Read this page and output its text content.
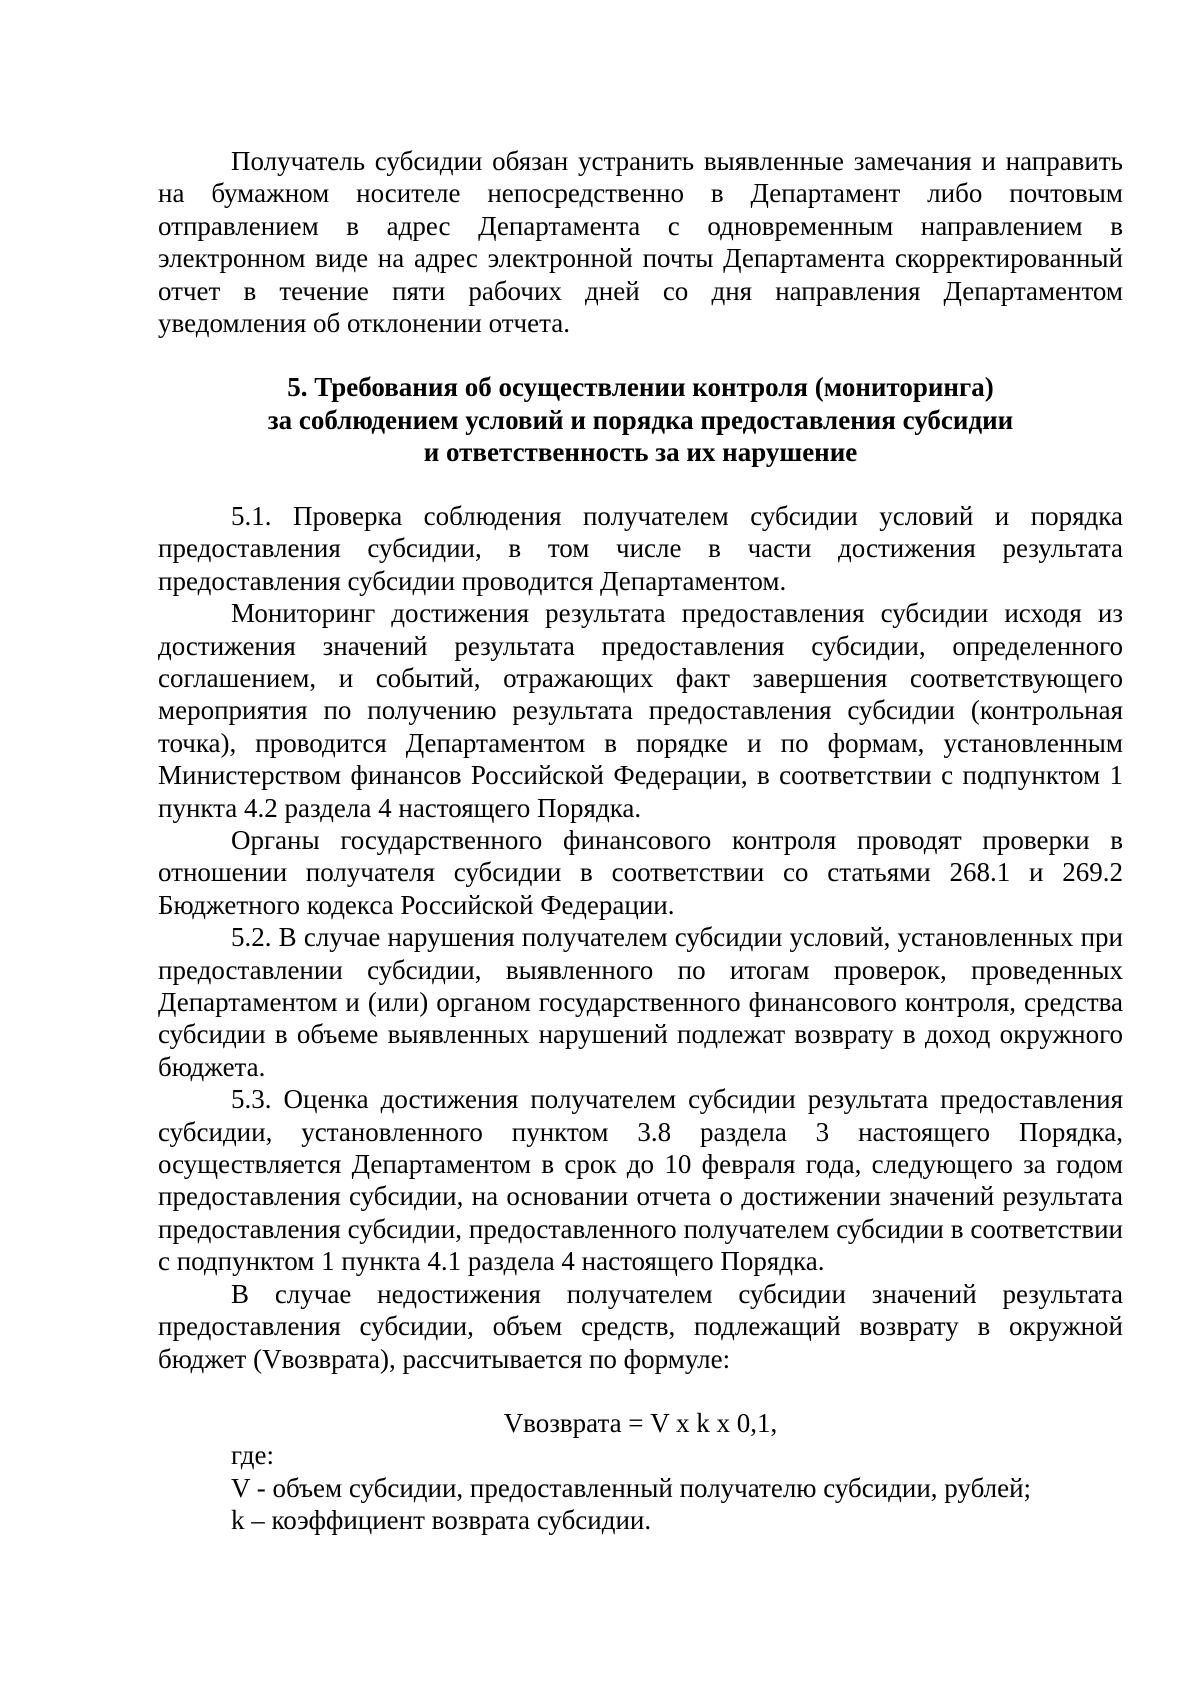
Получатель субсидии обязан устранить выявленные замечания и направить на бумажном носителе непосредственно в Департамент либо почтовым отправлением в адрес Департамента с одновременным направлением в электронном виде на адрес электронной почты Департамента скорректированный отчет в течение пяти рабочих дней со дня направления Департаментом уведомления об отклонении отчета.

5. Требования об осуществлении контроля (мониторинга)
за соблюдением условий и порядка предоставления субсидии
и ответственность за их нарушение

5.1. Проверка соблюдения получателем субсидии условий и порядка предоставления субсидии, в том числе в части достижения результата предоставления субсидии проводится Департаментом.

Мониторинг достижения результата предоставления субсидии исходя из достижения значений результата предоставления субсидии, определенного соглашением, и событий, отражающих факт завершения соответствующего мероприятия по получению результата предоставления субсидии (контрольная точка), проводится Департаментом в порядке и по формам, установленным Министерством финансов Российской Федерации, в соответствии с подпунктом 1 пункта 4.2 раздела 4 настоящего Порядка.

Органы государственного финансового контроля проводят проверки в отношении получателя субсидии в соответствии со статьями 268.1 и 269.2 Бюджетного кодекса Российской Федерации.

5.2. В случае нарушения получателем субсидии условий, установленных при предоставлении субсидии, выявленного по итогам проверок, проведенных Департаментом и (или) органом государственного финансового контроля, средства субсидии в объеме выявленных нарушений подлежат возврату в доход окружного бюджета.

5.3. Оценка достижения получателем субсидии результата предоставления субсидии, установленного пунктом 3.8 раздела 3 настоящего Порядка, осуществляется Департаментом в срок до 10 февраля года, следующего за годом предоставления субсидии, на основании отчета о достижении значений результата предоставления субсидии, предоставленного получателем субсидии в соответствии с подпунктом 1 пункта 4.1 раздела 4 настоящего Порядка.

В случае недостижения получателем субсидии значений результата предоставления субсидии, объем средств, подлежащий возврату в окружной бюджет (Vвозврата), рассчитывается по формуле:

Vвозврата = V x k x 0,1,

где:

V - объем субсидии, предоставленный получателю субсидии, рублей;

k – коэффициент возврата субсидии.
